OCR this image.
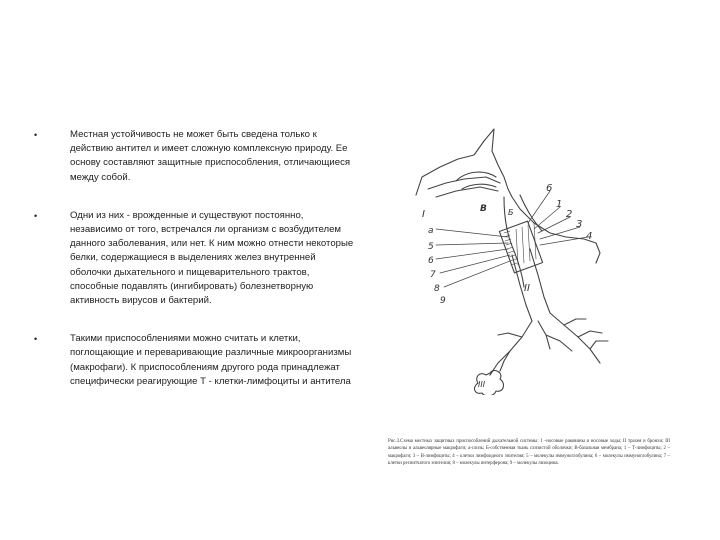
•	Местная устойчивость не может быть сведена только к действию антител и имеет сложную комплексную природу. Ее основу составляют защитные приспособления, отличающиеся между собой.
•	Одни из них - врожденные и существуют постоянно, независимо от того, встречался ли организм с возбудителем данного заболевания, или нет. К ним можно отнести некоторые белки, содержащиеся в выделениях желез внутренней оболочки дыхательного и пищеварительного трактов, способные подавлять (ингибировать) болезнетворную активность вирусов и бактерий.
•	Такими приспособлениями можно считать и клетки, поглощающие и переваривающие различные микроорганизмы (макрофаги). К приспособлениям другого рода принадлежат специфически реагирующие Т - клетки-лимфоциты и антитела
I	В	Б
а
5
6
7
8
9
6
1
2
3
4
II
III
Рис.3.Схема местных защитных приспособлений дыхательной системы: I –носовые раковины и носовые ходы; II трахея и бронхи; III альвеолы и альвеолярные макрофаги; а-слизь; Б-собственная ткань слизистой оболочки; В-базальная мембрана; 1 – Т-лимфоциты; 2 – макрофаги; 3 – В-лимфоциты; 4 – клетки лимфоидного эпителия; 5 – молекулы иммуноглобулина; 6 – молекулы иммуноглобулина; 7 – клетки реснитчатого эпителия; 8 – молекулы интерферона; 9 – молекулы лизоцима.
